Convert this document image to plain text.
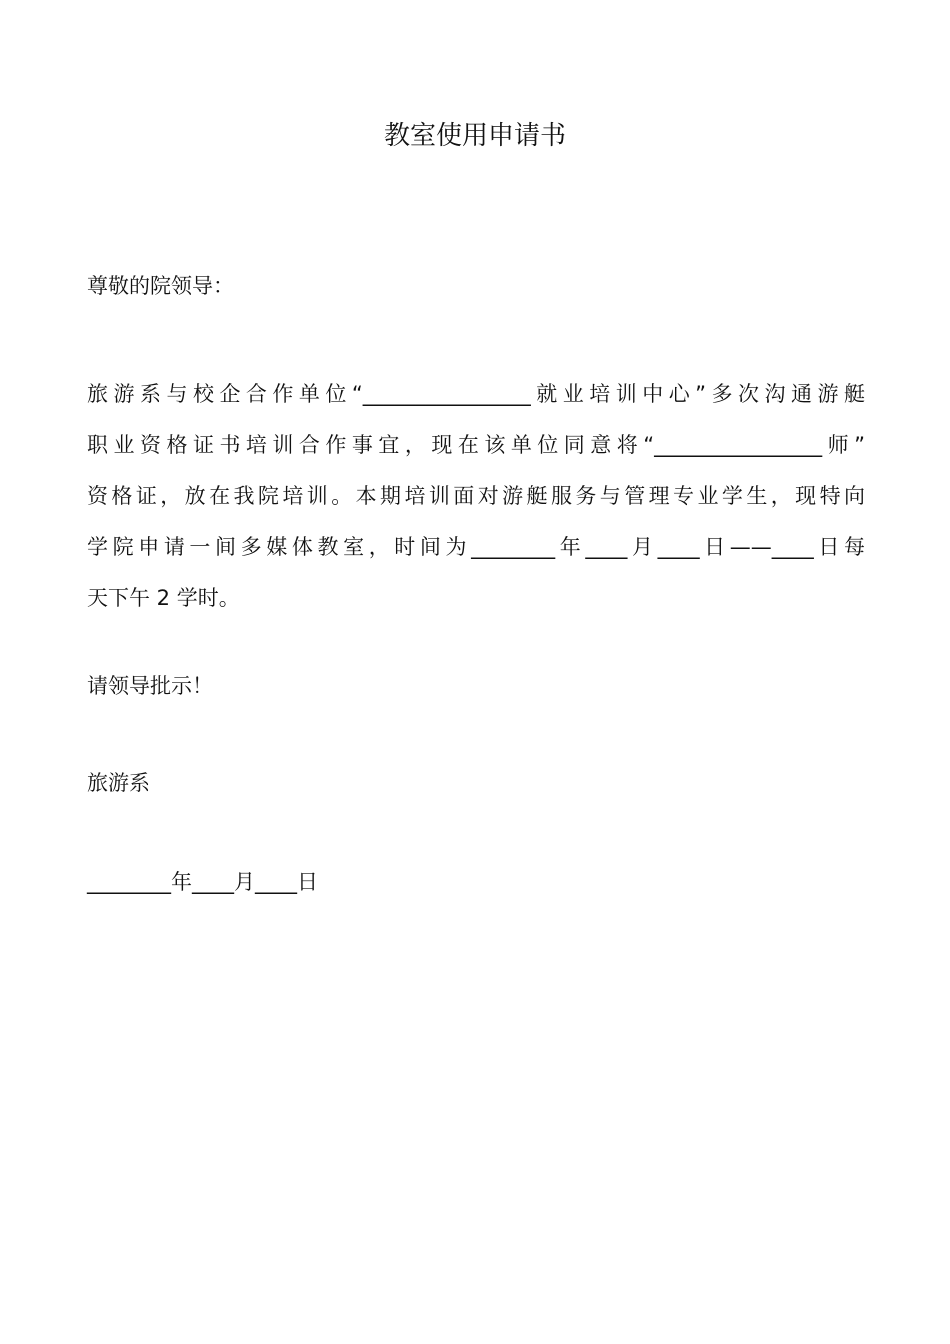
教室使用申请书
尊敬的院领导：
旅游系与校企合作单位“________________就业培训中心”多次沟通游艇
职业资格证书培训合作事宜，现在该单位同意将“________________师”
资格证，放在我院培训。本期培训面对游艇服务与管理专业学生，现特向
学院申请一间多媒体教室，时间为________年____月____日——____日每
天下午 2 学时。
请领导批示！
旅游系
________年____月____日
